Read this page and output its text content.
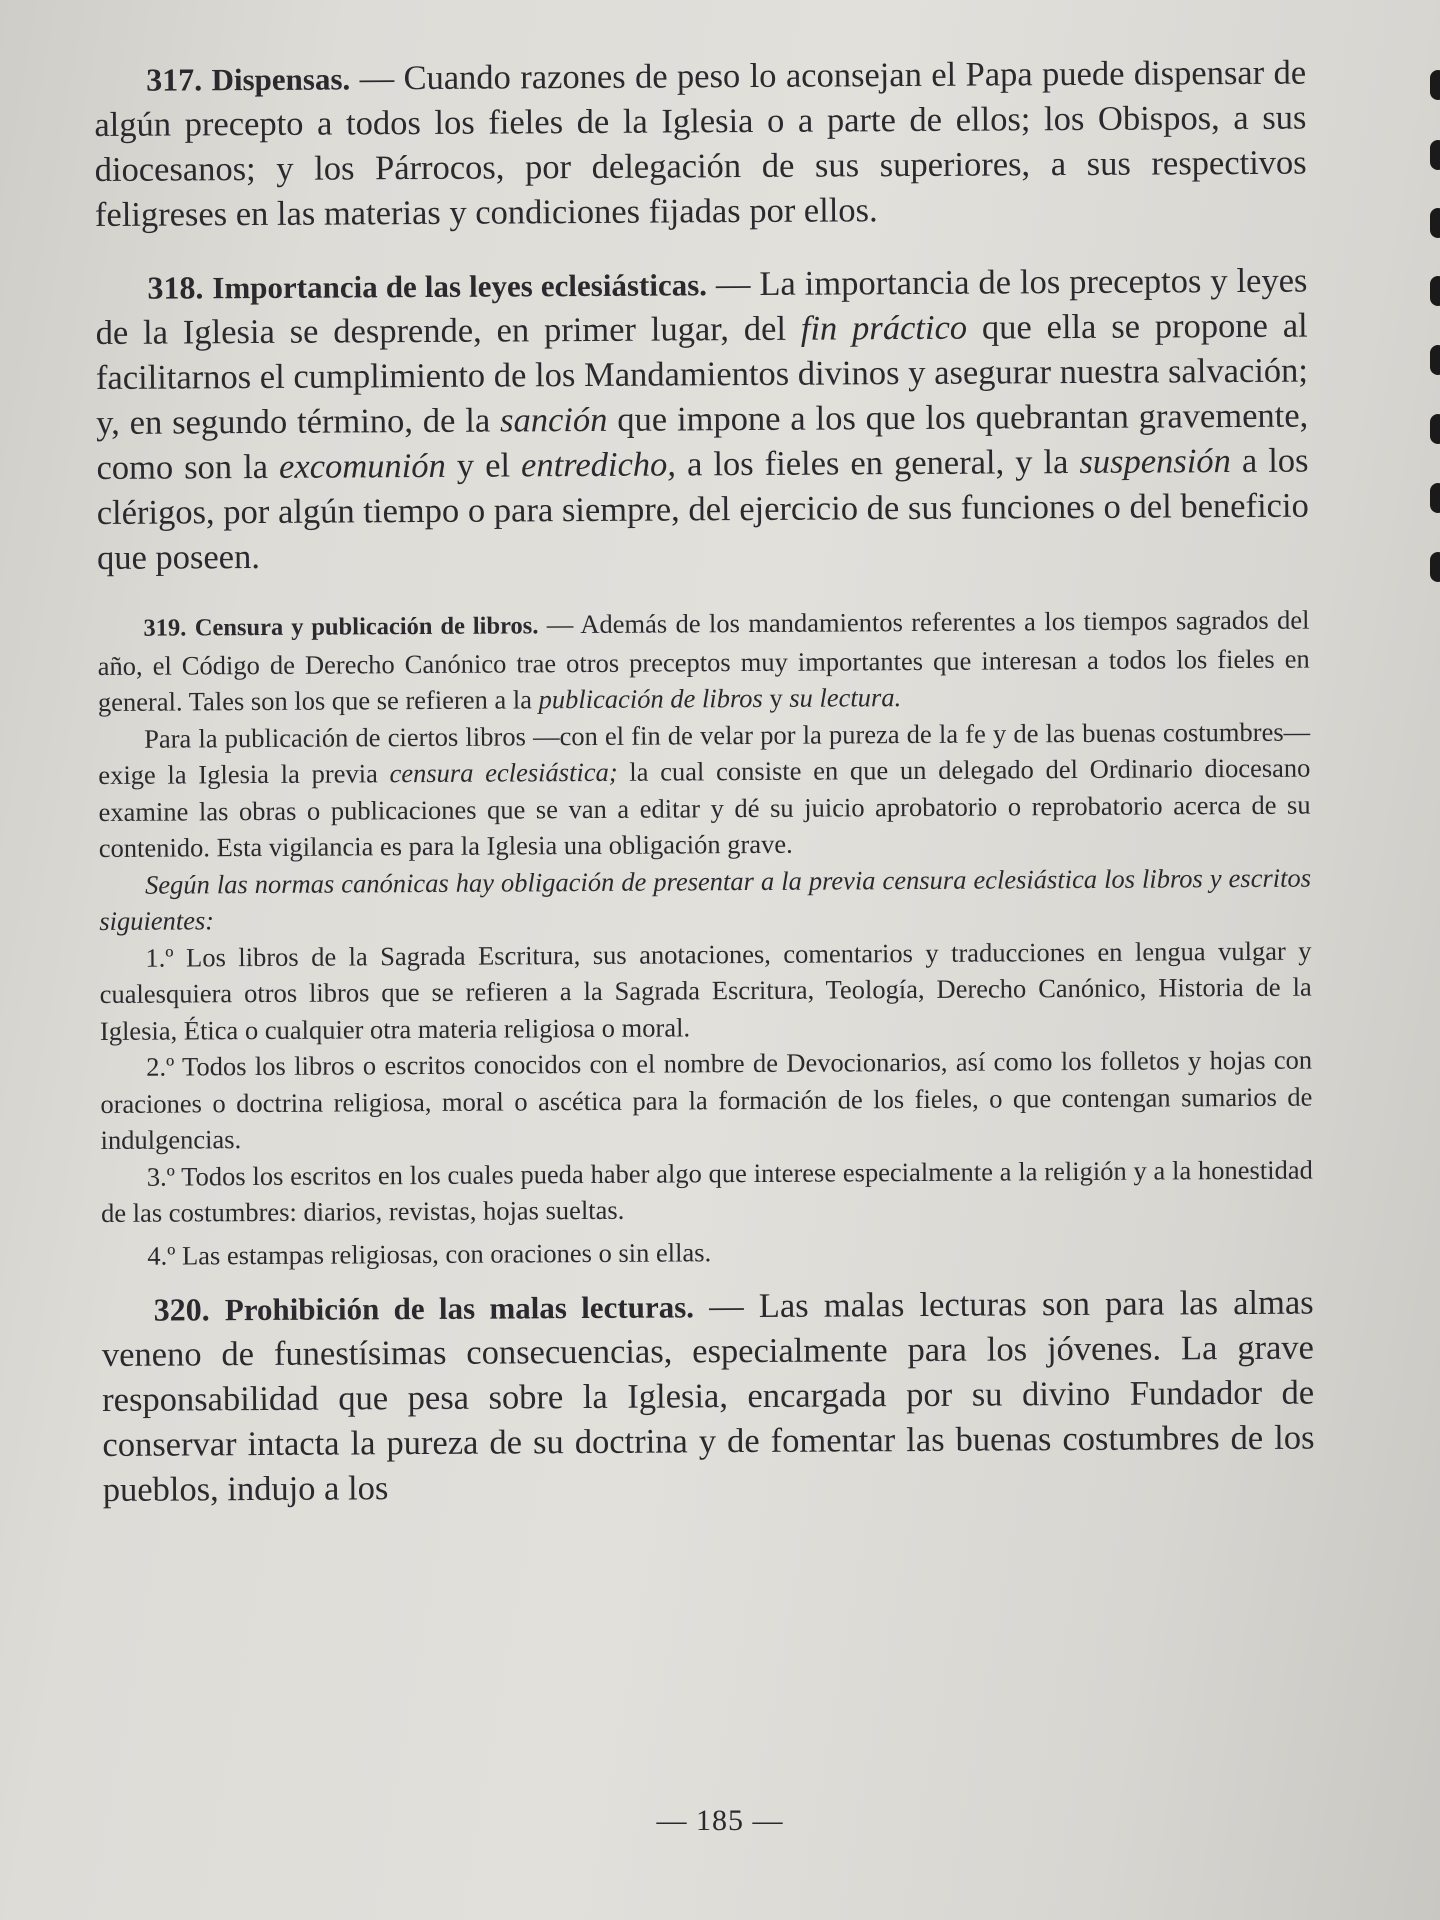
317. Dispensas. — Cuando razones de peso lo aconsejan el Papa puede dispensar de algún precepto a todos los fieles de la Iglesia o a parte de ellos; los Obispos, a sus diocesanos; y los Párrocos, por delegación de sus superiores, a sus respectivos feligreses en las materias y condiciones fijadas por ellos.

318. Importancia de las leyes eclesiásticas. — La importancia de los preceptos y leyes de la Iglesia se desprende, en primer lugar, del fin práctico que ella se propone al facilitarnos el cumplimiento de los Mandamientos divinos y asegurar nuestra salvación; y, en segundo término, de la sanción que impone a los que los quebrantan gravemente, como son la excomunión y el entredicho, a los fieles en general, y la suspensión a los clérigos, por algún tiempo o para siempre, del ejercicio de sus funciones o del beneficio que poseen.

319. Censura y publicación de libros. — Además de los mandamientos referentes a los tiempos sagrados del año, el Código de Derecho Canónico trae otros preceptos muy importantes que interesan a todos los fieles en general. Tales son los que se refieren a la publicación de libros y su lectura.

Para la publicación de ciertos libros —con el fin de velar por la pureza de la fe y de las buenas costumbres— exige la Iglesia la previa censura eclesiástica; la cual consiste en que un delegado del Ordinario diocesano examine las obras o publicaciones que se van a editar y dé su juicio aprobatorio o reprobatorio acerca de su contenido. Esta vigilancia es para la Iglesia una obligación grave.

Según las normas canónicas hay obligación de presentar a la previa censura eclesiástica los libros y escritos siguientes:

1.º Los libros de la Sagrada Escritura, sus anotaciones, comentarios y traducciones en lengua vulgar y cualesquiera otros libros que se refieren a la Sagrada Escritura, Teología, Derecho Canónico, Historia de la Iglesia, Ética o cualquier otra materia religiosa o moral.

2.º Todos los libros o escritos conocidos con el nombre de Devocionarios, así como los folletos y hojas con oraciones o doctrina religiosa, moral o ascética para la formación de los fieles, o que contengan sumarios de indulgencias.

3.º Todos los escritos en los cuales pueda haber algo que interese especialmente a la religión y a la honestidad de las costumbres: diarios, revistas, hojas sueltas.

4.º Las estampas religiosas, con oraciones o sin ellas.

320. Prohibición de las malas lecturas. — Las malas lecturas son para las almas veneno de funestísimas consecuencias, especialmente para los jóvenes. La grave responsabilidad que pesa sobre la Iglesia, encargada por su divino Fundador de conservar intacta la pureza de su doctrina y de fomentar las buenas costumbres de los pueblos, indujo a los

— 185 —
